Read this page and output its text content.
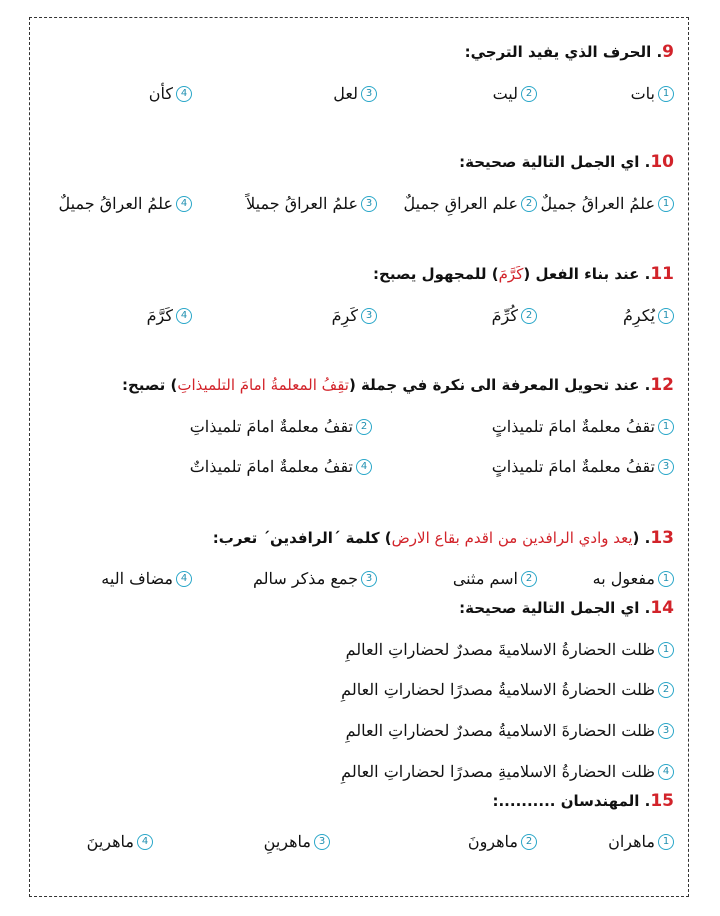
9. الحرف الذي يفيد الترجي:
1
بات
2
ليت
3
لعل
4
كأن
10. اي الجمل التالية صحيحة:
1
علمُ العراقُ جميلٌ
2
علم العراقِ جميلٌ
3
علمُ العراقُ جميلاً
4
علمُ العراقُ جميلٌ
11. عند بناء الفعل (كَرَّمَ) للمجهول يصبح:
1
يُكرِمُ
2
كُرِّمَ
3
كَرِمَ
4
كَرَّمَ
12. عند تحويل المعرفة الى نكرة في جملة (تقِفُ المعلمةُ امامَ التلميذاتِ) تصبح:
1
تقفُ معلمةٌ امامَ تلميذاتٍ
2
تقفُ معلمةٌ امامَ تلميذاتِ
3
تقفُ معلمةٌ امامَ تلميذاتٍ
4
تقفُ معلمةٌ امامَ تلميذاتٌ
13. (يعد وادي الرافدين من اقدم بقاع الارض) كلمة ´الرافدين´ تعرب:
1
مفعول به
2
اسم مثنى
3
جمع مذكر سالم
4
مضاف اليه
14. اي الجمل التالية صحيحة:
1
ظلت الحضارةُ الاسلاميةَ مصدرٌ لحضاراتِ العالمِ
2
ظلت الحضارةُ الاسلاميةُ مصدرًا لحضاراتِ العالمِ
3
ظلت الحضارةَ الاسلاميةُ مصدرٌ لحضاراتِ العالمِ
4
ظلت الحضارةُ الاسلاميةِ مصدرًا لحضاراتِ العالمِ
15. المهندسان ..........:
1
ماهران
2
ماهرونَ
3
ماهرينِ
4
ماهرينَ
